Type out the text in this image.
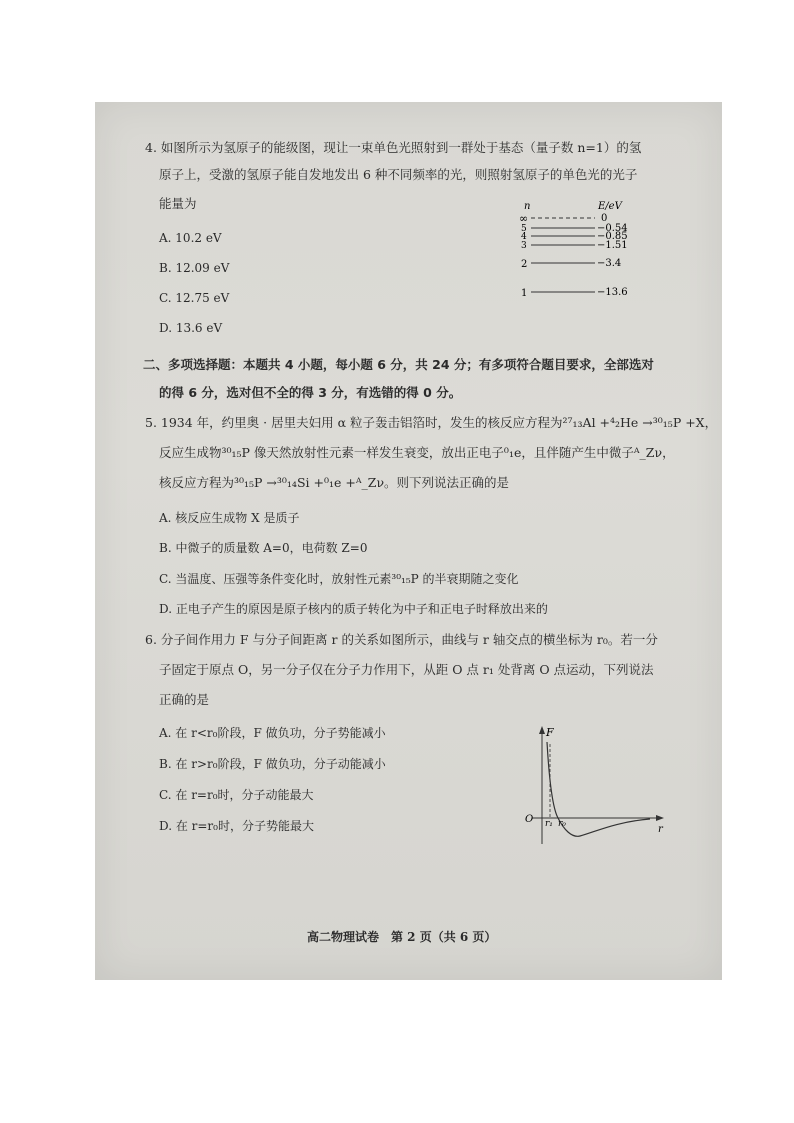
4. 如图所示为氢原子的能级图，现让一束单色光照射到一群处于基态（量子数 n=1）的氢
原子上，受激的氢原子能自发地发出 6 种不同频率的光，则照射氢原子的单色光的光子
能量为
A. 10.2 eV
B. 12.09 eV
C. 12.75 eV
D. 13.6 eV
n	E/eV
∞	0
5	−0.54
4	−0.85
3	−1.51
2	−3.4
1	−13.6
二、多项选择题：本题共 4 小题，每小题 6 分，共 24 分；有多项符合题目要求，全部选对
的得 6 分，选对但不全的得 3 分，有选错的得 0 分。
5. 1934 年，约里奥 · 居里夫妇用 α 粒子轰击铝箔时，发生的核反应方程为²⁷₁₃Al +⁴₂He →³⁰₁₅P +X，
反应生成物³⁰₁₅P 像天然放射性元素一样发生衰变，放出正电子⁰₁e，且伴随产生中微子ᴬ_Zν，
核反应方程为³⁰₁₅P →³⁰₁₄Si +⁰₁e +ᴬ_Zν。则下列说法正确的是
A. 核反应生成物 X 是质子
B. 中微子的质量数 A=0，电荷数 Z=0
C. 当温度、压强等条件变化时，放射性元素³⁰₁₅P 的半衰期随之变化
D. 正电子产生的原因是原子核内的质子转化为中子和正电子时释放出来的
6. 分子间作用力 F 与分子间距离 r 的关系如图所示，曲线与 r 轴交点的横坐标为 r₀。若一分
子固定于原点 O，另一分子仅在分子力作用下，从距 O 点 r₁ 处背离 O 点运动，下列说法
正确的是
A. 在 r<r₀阶段，F 做负功，分子势能减小
B. 在 r>r₀阶段，F 做负功，分子动能减小
C. 在 r=r₀时，分子动能最大
D. 在 r=r₀时，分子势能最大
F
r
O r₁ r₀
高二物理试卷　第 2 页（共 6 页）
